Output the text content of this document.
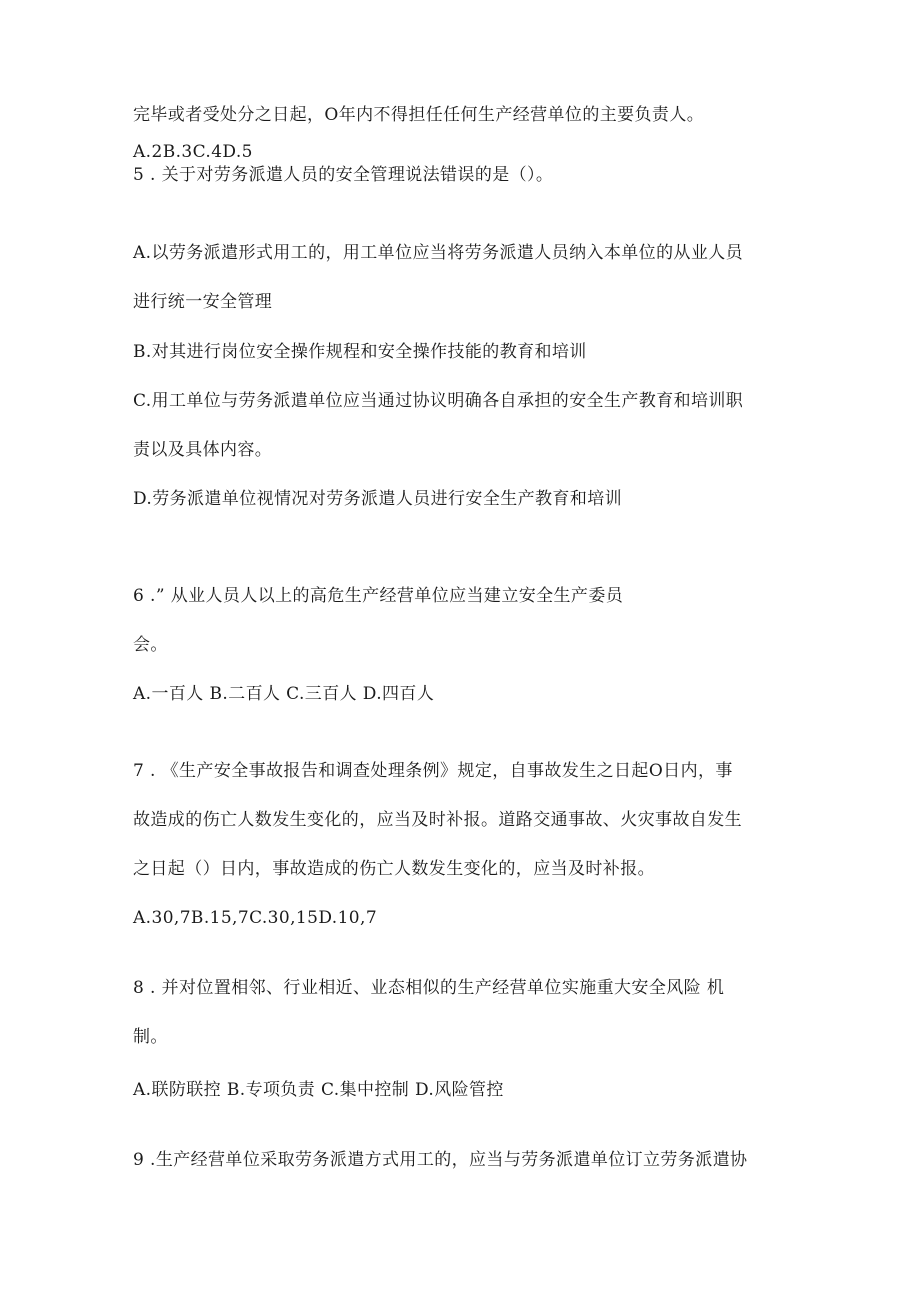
完毕或者受处分之日起，O年内不得担任任何生产经营单位的主要负责人。
A.2B.3C.4D.5
5 . 关于对劳务派遣人员的安全管理说法错误的是（）。
A.以劳务派遣形式用工的，用工单位应当将劳务派遣人员纳入本单位的从业人员
进行统一安全管理
B.对其进行岗位安全操作规程和安全操作技能的教育和培训
C.用工单位与劳务派遣单位应当通过协议明确各自承担的安全生产教育和培训职
责以及具体内容。
D.劳务派遣单位视情况对劳务派遣人员进行安全生产教育和培训
6 .” 从业人员人以上的高危生产经营单位应当建立安全生产委员
会。
A.一百人 B.二百人 C.三百人 D.四百人
7 . 《生产安全事故报告和调查处理条例》规定，自事故发生之日起O日内，事
故造成的伤亡人数发生变化的，应当及时补报。道路交通事故、火灾事故自发生
之日起（）日内，事故造成的伤亡人数发生变化的，应当及时补报。
A.30,7B.15,7C.30,15D.10,7
8 . 并对位置相邻、行业相近、业态相似的生产经营单位实施重大安全风险 机
制。
A.联防联控 B.专项负责 C.集中控制 D.风险管控
9 .生产经营单位采取劳务派遣方式用工的，应当与劳务派遣单位订立劳务派遣协
